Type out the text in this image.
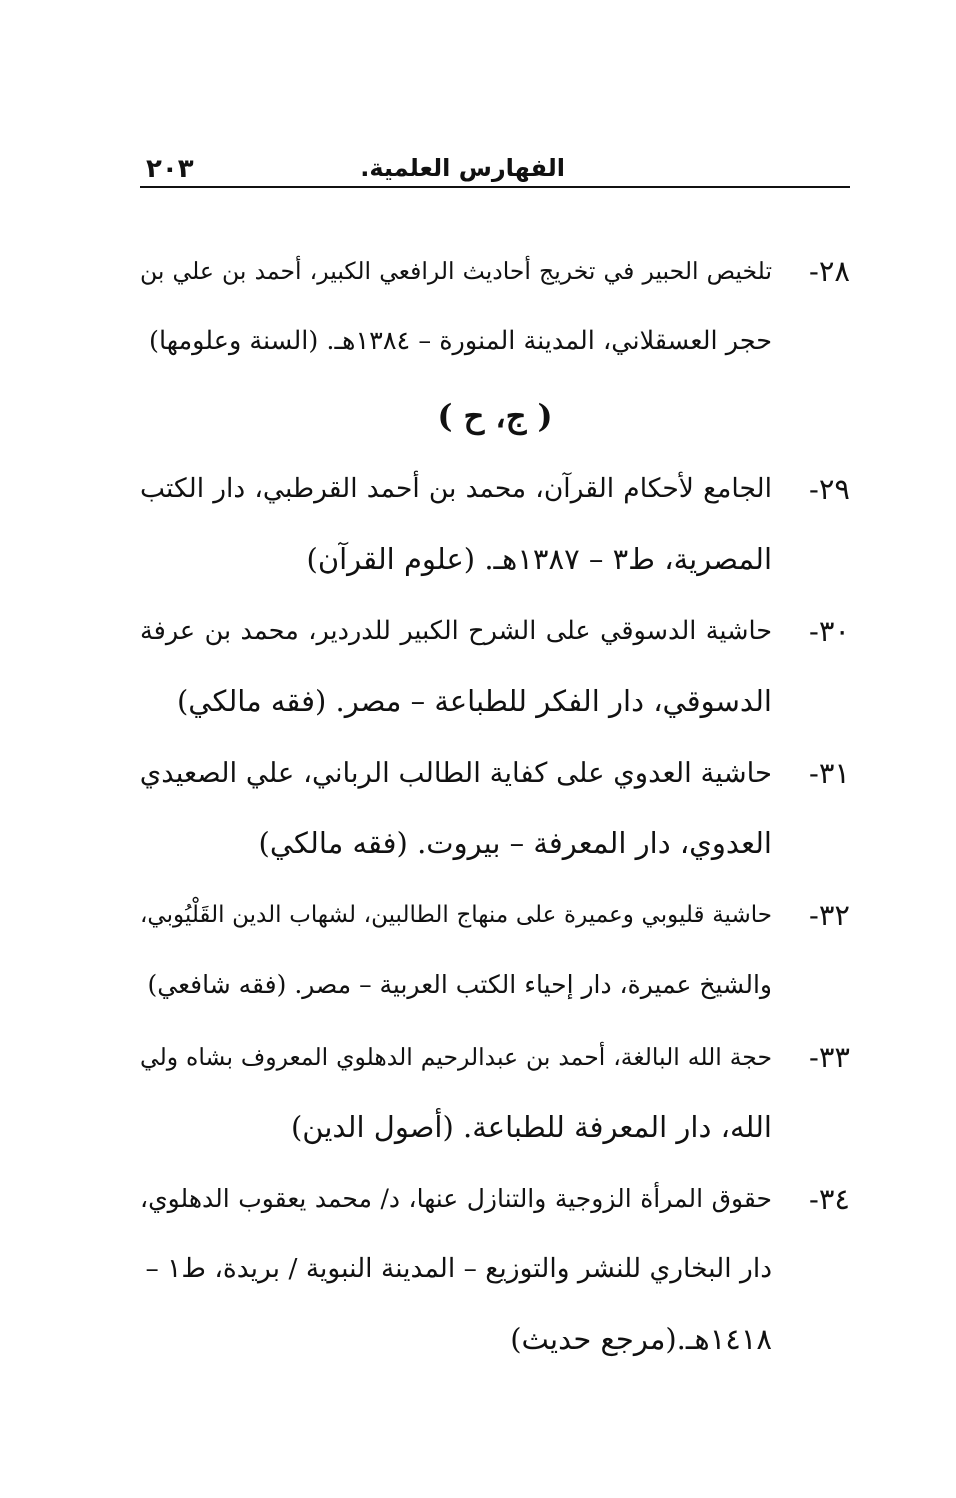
الفهارس العلمية.
٢٠٣
٢٨-
تلخيص الحبير في تخريج أحاديث الرافعي الكبير، أحمد بن علي بن
حجر العسقلاني، المدينة المنورة – ١٣٨٤هـ. (السنة وعلومها)
( ج، ح )
٢٩-
الجامع لأحكام القرآن، محمد بن أحمد القرطبي، دار الكتب
المصرية، ط٣ – ١٣٨٧هـ. (علوم القرآن)
٣٠-
حاشية الدسوقي على الشرح الكبير للدردير، محمد بن عرفة
الدسوقي، دار الفكر للطباعة – مصر. (فقه مالكي)
٣١-
حاشية العدوي على كفاية الطالب الرباني، علي الصعيدي
العدوي، دار المعرفة – بيروت. (فقه مالكي)
٣٢-
حاشية قليوبي وعميرة على منهاج الطالبين، لشهاب الدين القَلْيُوبي،
والشيخ عميرة، دار إحياء الكتب العربية – مصر. (فقه شافعي)
٣٣-
حجة الله البالغة، أحمد بن عبدالرحيم الدهلوي المعروف بشاه ولي
الله، دار المعرفة للطباعة. (أصول الدين)
٣٤-
حقوق المرأة الزوجية والتنازل عنها، د/ محمد يعقوب الدهلوي،
دار البخاري للنشر والتوزيع – المدينة النبوية / بريدة، ط١ –
١٤١٨هـ.(مرجع حديث)
